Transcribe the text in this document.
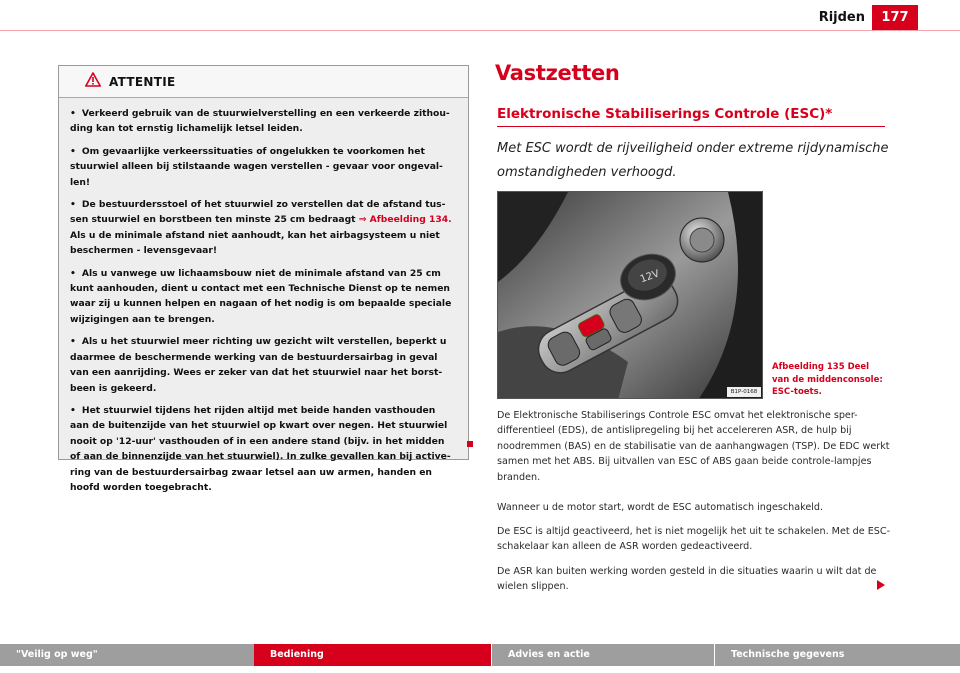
Rijden	177
ATTENTIE

• Verkeerd gebruik van de stuurwielverstelling en een verkeerde zithou-ding kan tot ernstig lichamelijk letsel leiden.

• Om gevaarlijke verkeerssituaties of ongelukken te voorkomen het stuurwiel alleen bij stilstaande wagen verstellen - gevaar voor ongeval-len!

• De bestuurdersstoel of het stuurwiel zo verstellen dat de afstand tus-sen stuurwiel en borstbeen ten minste 25 cm bedraagt ⇒ Afbeelding 134. Als u de minimale afstand niet aanhoudt, kan het airbagsysteem u niet beschermen - levensgevaar!

• Als u vanwege uw lichaamsbouw niet de minimale afstand van 25 cm kunt aanhouden, dient u contact met een Technische Dienst op te nemen waar zij u kunnen helpen en nagaan of het nodig is om bepaalde speciale wijzigingen aan te brengen.

• Als u het stuurwiel meer richting uw gezicht wilt verstellen, beperkt u daarmee de beschermende werking van de bestuurdersairbag in geval van een aanrijding. Wees er zeker van dat het stuurwiel naar het borst-been is gekeerd.

• Het stuurwiel tijdens het rijden altijd met beide handen vasthouden aan de buitenzijde van het stuurwiel op kwart over negen. Het stuurwiel nooit op '12-uur' vasthouden of in een andere stand (bijv. in het midden of aan de binnenzijde van het stuurwiel). In zulke gevallen kan bij active-ring van de bestuurdersairbag zwaar letsel aan uw armen, handen en hoofd worden toegebracht.

Vastzetten
Elektronische Stabiliserings Controle (ESC)*
Met ESC wordt de rijveiligheid onder extreme rijdynamische omstandigheden verhoogd.
12V
B1P-0168
Afbeelding 135 Deel van de middenconsole: ESC-toets.
De Elektronische Stabiliserings Controle ESC omvat het elektronische sper-differentieel (EDS), de antislipregeling bij het accelereren ASR, de hulp bij noodremmen (BAS) en de stabilisatie van de aanhangwagen (TSP). De EDC werkt samen met het ABS. Bij uitvallen van ESC of ABS gaan beide controle-lampjes branden.
Wanneer u de motor start, wordt de ESC automatisch ingeschakeld.
De ESC is altijd geactiveerd, het is niet mogelijk het uit te schakelen. Met de ESC-schakelaar kan alleen de ASR worden gedeactiveerd.
De ASR kan buiten werking worden gesteld in die situaties waarin u wilt dat de wielen slippen.
"Veilig op weg"	Bediening	Advies en actie	Technische gegevens
